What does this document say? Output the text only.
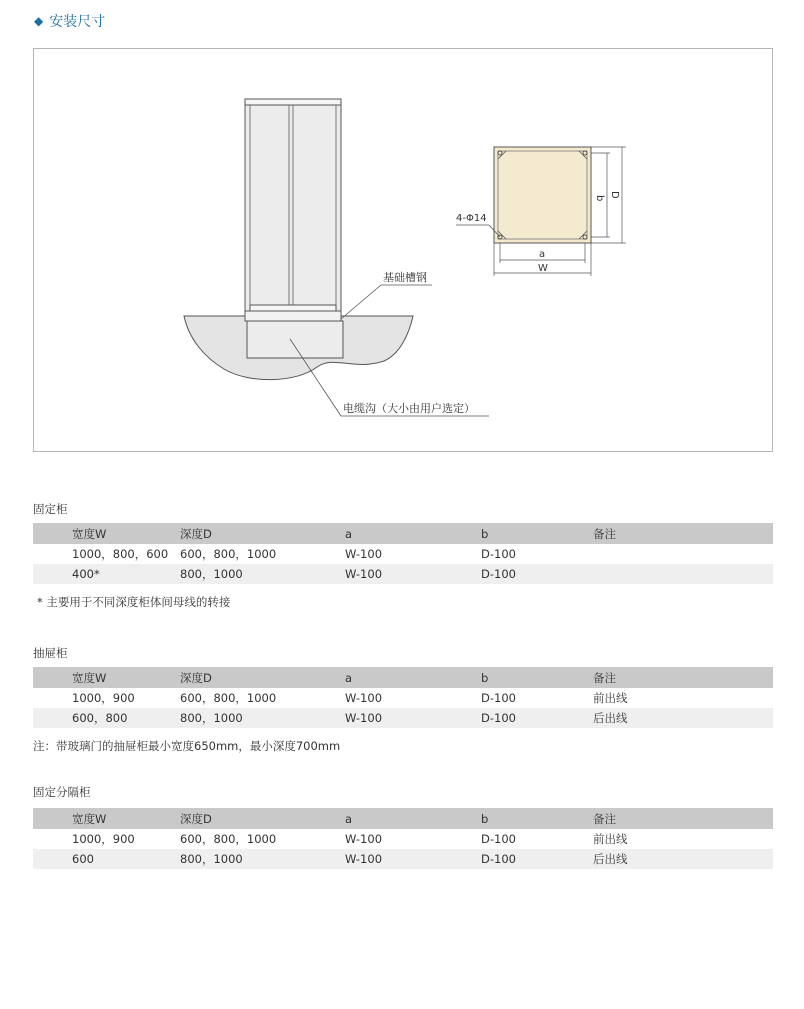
◆ 安装尺寸
基础槽钢
电缆沟（大小由用户选定）
4-Φ14
a
W
b D
固定柜
宽度W	深度D	a	b	备注
1000，800，600	600，800，1000	W-100	D-100	
400*	800，1000	W-100	D-100	
* 主要用于不同深度柜体间母线的转接
抽屉柜
宽度W	深度D	a	b	备注
1000，900	600，800，1000	W-100	D-100	前出线
600，800	800，1000	W-100	D-100	后出线
注：带玻璃门的抽屉柜最小宽度650mm，最小深度700mm
固定分隔柜
宽度W	深度D	a	b	备注
1000，900	600，800，1000	W-100	D-100	前出线
600	800，1000	W-100	D-100	后出线
